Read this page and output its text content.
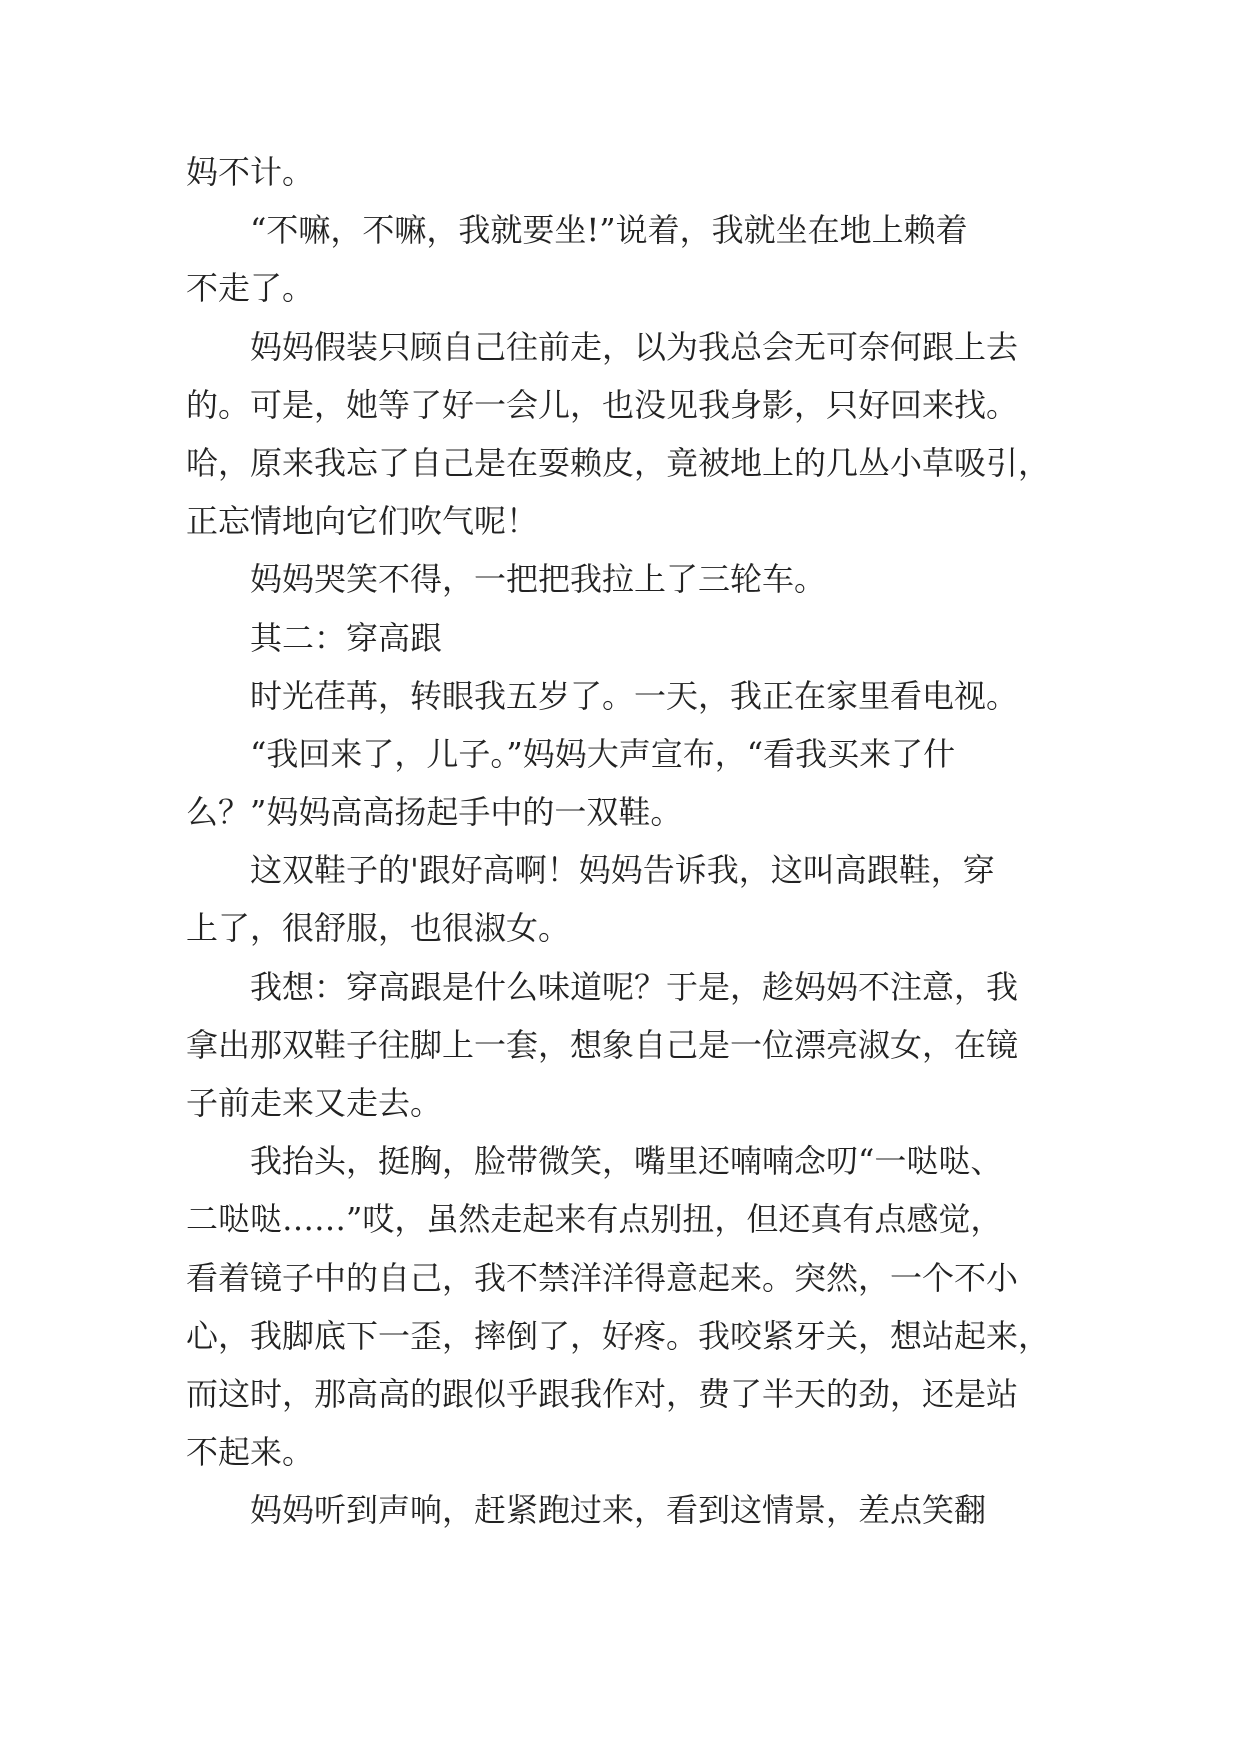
妈不计。
“不嘛，不嘛，我就要坐!”说着，我就坐在地上赖着
不走了。
妈妈假装只顾自己往前走，以为我总会无可奈何跟上去
的。可是，她等了好一会儿，也没见我身影，只好回来找。
哈，原来我忘了自己是在耍赖皮，竟被地上的几丛小草吸引，
正忘情地向它们吹气呢！
妈妈哭笑不得，一把把我拉上了三轮车。
其二：穿高跟
时光荏苒，转眼我五岁了。一天，我正在家里看电视。
“我回来了，儿子。”妈妈大声宣布，“看我买来了什
么？”妈妈高高扬起手中的一双鞋。
这双鞋子的'跟好高啊！妈妈告诉我，这叫高跟鞋，穿
上了，很舒服，也很淑女。
我想：穿高跟是什么味道呢？于是，趁妈妈不注意，我
拿出那双鞋子往脚上一套，想象自己是一位漂亮淑女，在镜
子前走来又走去。
我抬头，挺胸，脸带微笑，嘴里还喃喃念叨“一哒哒、
二哒哒……”哎，虽然走起来有点别扭，但还真有点感觉，
看着镜子中的自己，我不禁洋洋得意起来。突然，一个不小
心，我脚底下一歪，摔倒了，好疼。我咬紧牙关，想站起来，
而这时，那高高的跟似乎跟我作对，费了半天的劲，还是站
不起来。
妈妈听到声响，赶紧跑过来，看到这情景，差点笑翻
